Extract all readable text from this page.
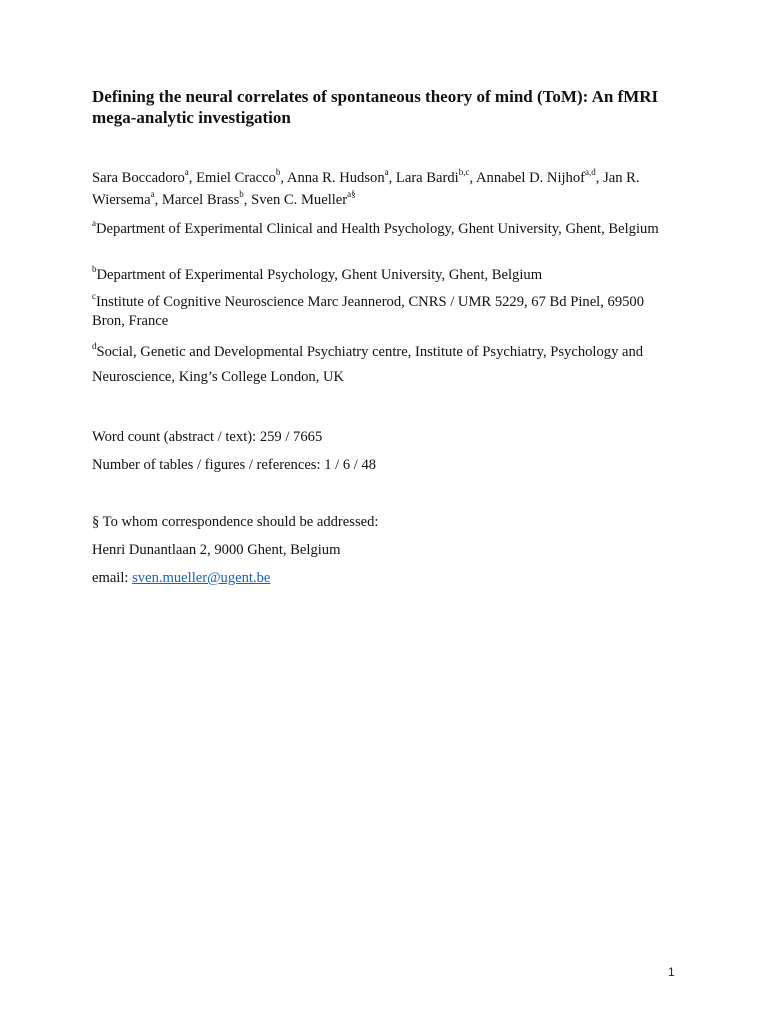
Defining the neural correlates of spontaneous theory of mind (ToM): An fMRI mega-analytic investigation
Sara Boccadoro$^a$, Emiel Cracco$^b$, Anna R. Hudson$^a$, Lara Bardi$^{b,c}$, Annabel D. Nijhof$^{a,d}$, Jan R. Wiersema$^a$, Marcel Brass$^b$, Sven C. Mueller$^{a\S}$
$^a$Department of Experimental Clinical and Health Psychology, Ghent University, Ghent, Belgium
$^b$Department of Experimental Psychology, Ghent University, Ghent, Belgium
$^c$Institute of Cognitive Neuroscience Marc Jeannerod, CNRS / UMR 5229, 67 Bd Pinel, 69500 Bron, France
$^d$Social, Genetic and Developmental Psychiatry centre, Institute of Psychiatry, Psychology and Neuroscience, King’s College London, UK
Word count (abstract / text): 259 / 7665
Number of tables / figures / references: 1 / 6 / 48
§ To whom correspondence should be addressed:
Henri Dunantlaan 2, 9000 Ghent, Belgium
email: sven.mueller@ugent.be
1
